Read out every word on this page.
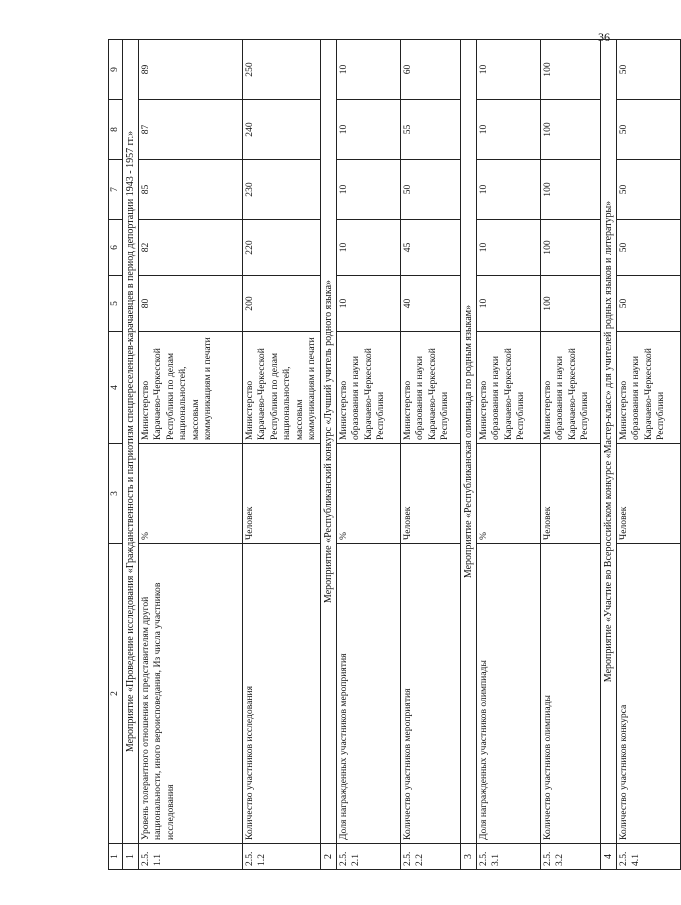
36
1	2	3	4	5	6	7	8	9
1	Мероприятие «Проведение исследования «Гражданственность и патриотизм спецпереселенцев-карачаевцев в период депортации 1943 - 1957 гг.»							
2.5.1.1	Уровень толерантного отношения к представителям другой национальности, иного вероисповедания, Из числа участников исследования	%	Министерство Карачаево-Черкесской Республики по делам национальностей, массовым коммуникациям и печати	80	82	85	87	89
2.5.1.2	Количество участников исследования	Человек	Министерство Карачаево-Черкесской Республики по делам национальностей, массовым коммуникациям и печати	200	220	230	240	250
2	Мероприятие «Республиканский конкурс «Лучший учитель родного языка»							
2.5.2.1	Доля награжденных участников мероприятия	%	Министерство образования и науки Карачаево-Черкесской Республики	10	10	10	10	10
2.5.2.2	Количество участников мероприятия	Человек	Министерство образования и науки Карачаево-Черкесской Республики	40	45	50	55	60
3	Мероприятие «Республиканская олимпиада по родным языкам»							
2.5.3.1	Доля награжденных участников олимпиады	%	Министерство образования и науки Карачаево-Черкесской Республики	10	10	10	10	10
2.5.3.2	Количество участников олимпиады	Человек	Министерство образования и науки Карачаево-Черкесской Республики	100	100	100	100	100
4	Мероприятие «Участие во Всероссийском конкурсе «Мастер-класс» для учителей родных языков и литературы»							
2.5.4.1	Количество участников конкурса	Человек	Министерство образования и науки Карачаево-Черкесской Республики	50	50	50	50	50
